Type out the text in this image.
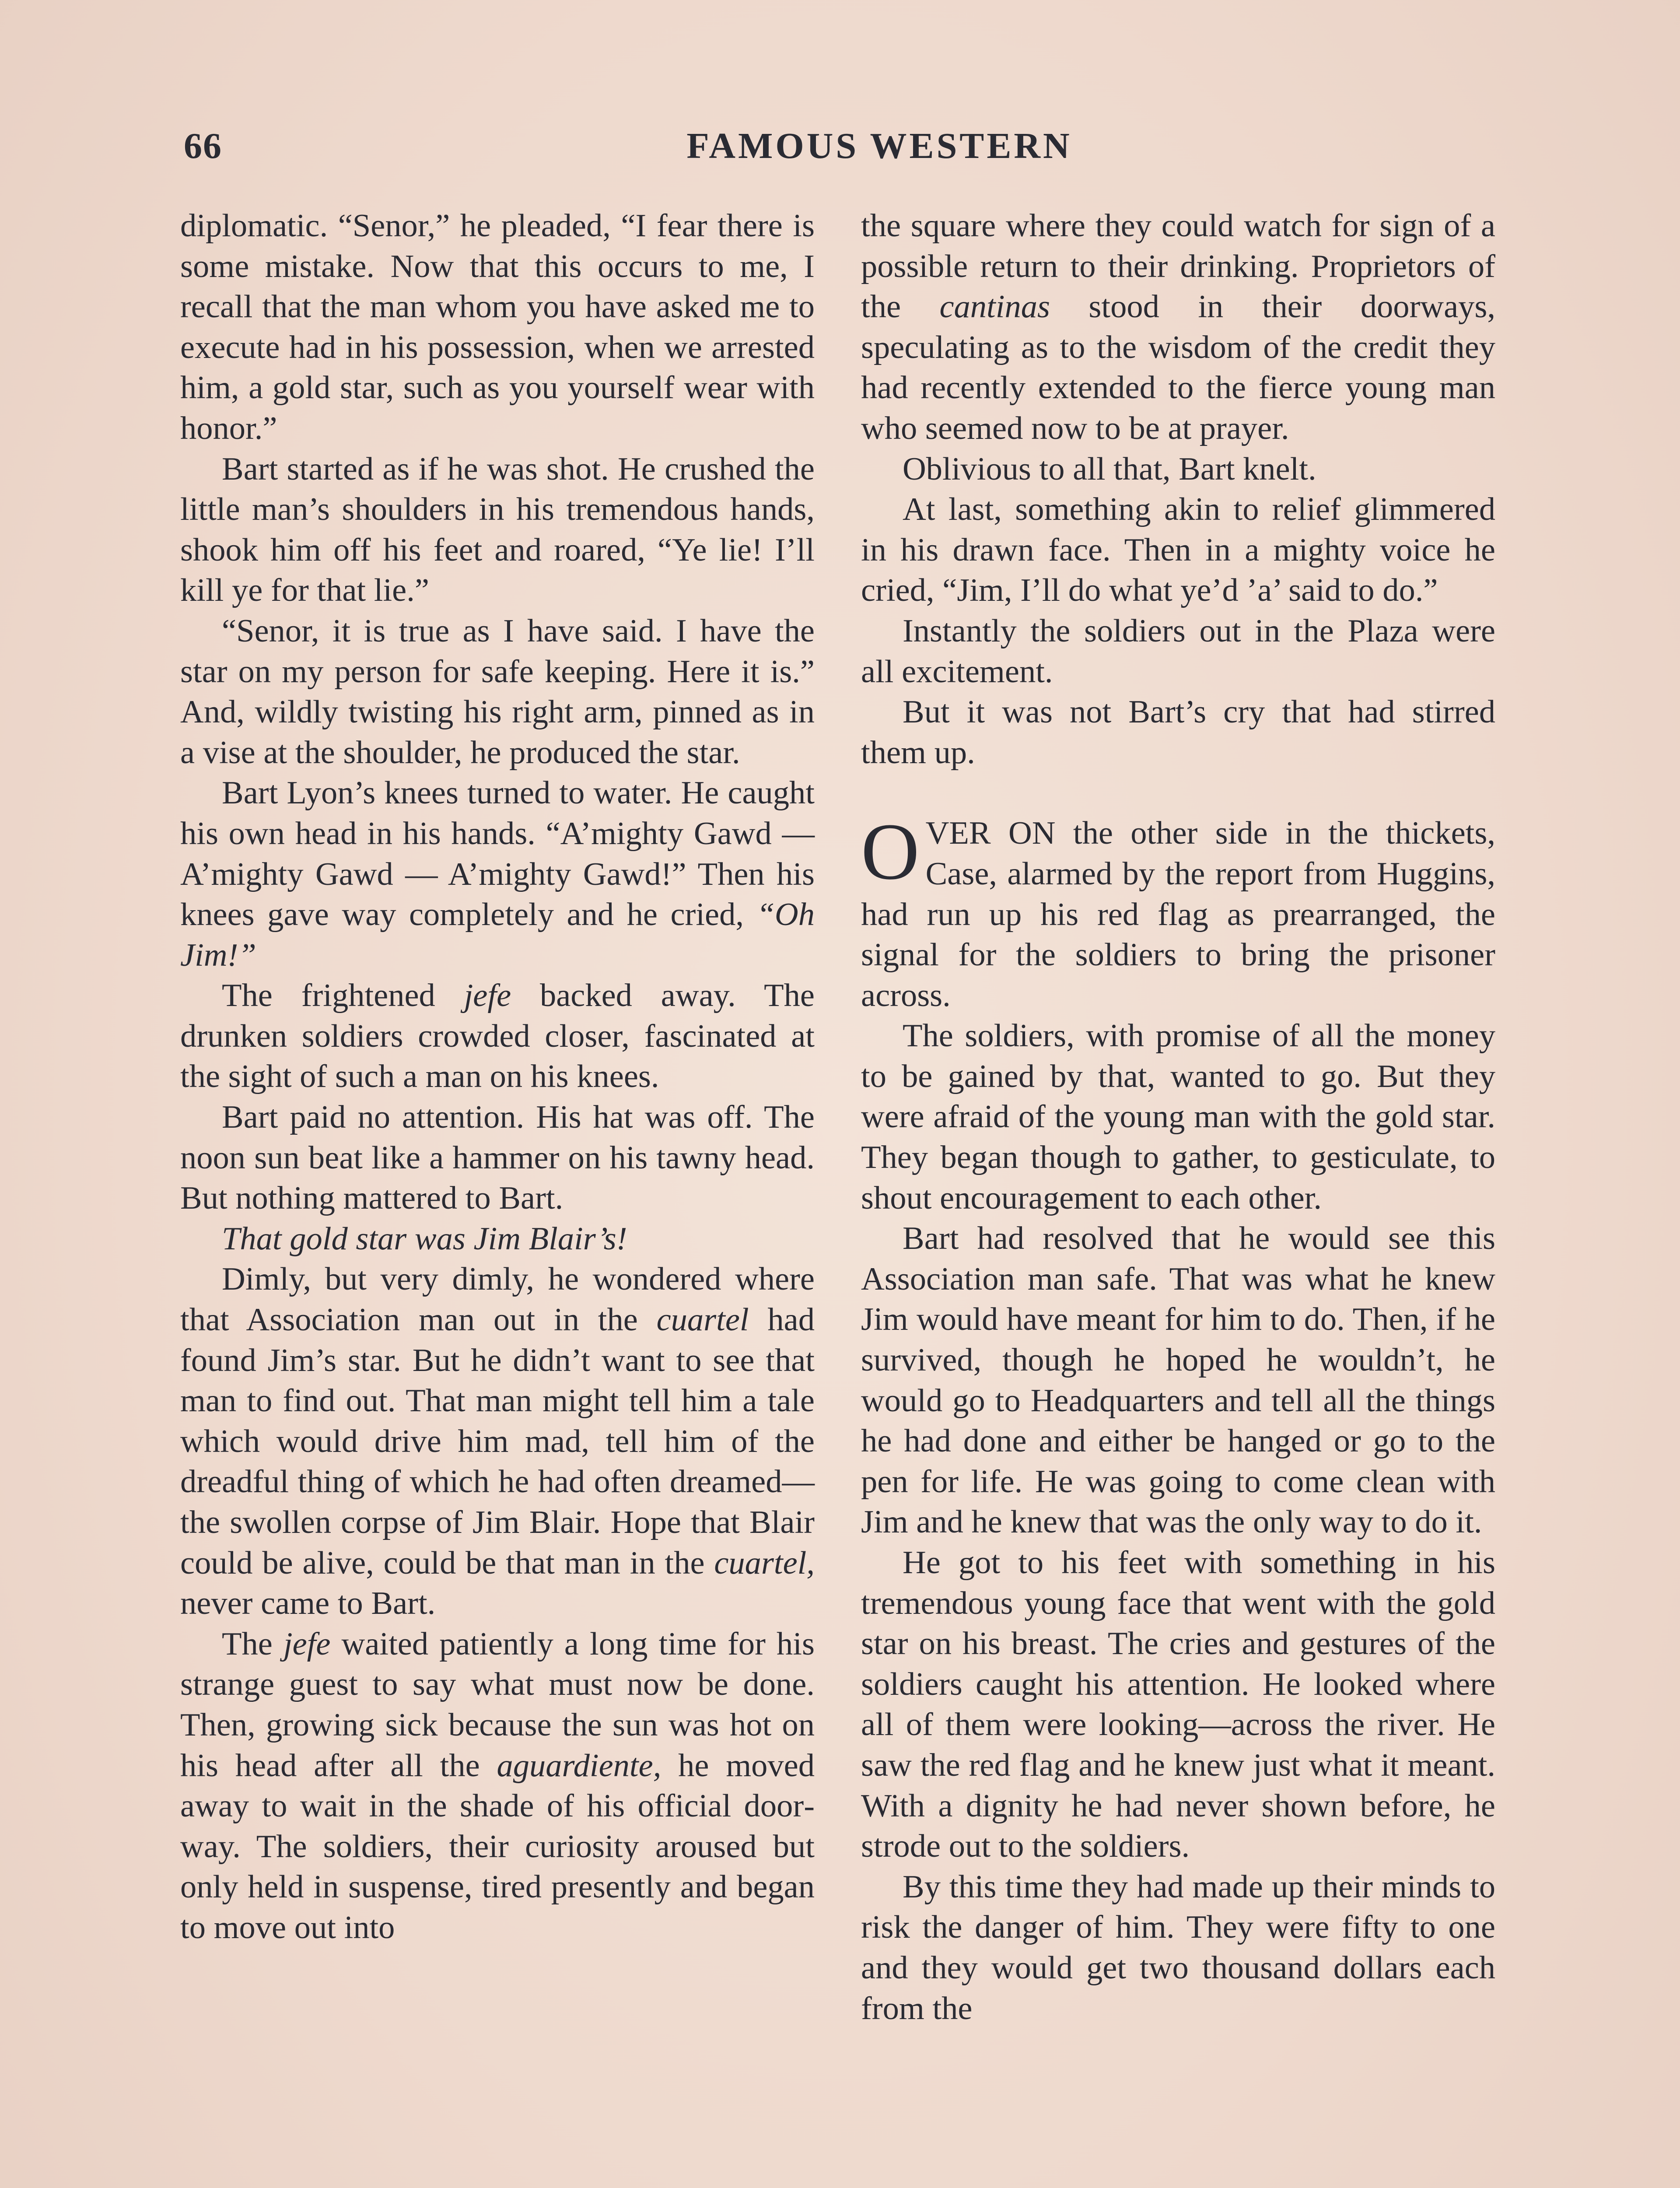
66	FAMOUS WESTERN

diplomatic. “Senor,” he pleaded, “I fear there is some mistake. Now that this occurs to me, I recall that the man whom you have asked me to execute had in his possession, when we arrested him, a gold star, such as you yourself wear with honor.”

Bart started as if he was shot. He crushed the little man’s shoulders in his tremendous hands, shook him off his feet and roared, “Ye lie! I’ll kill ye for that lie.”

“Senor, it is true as I have said. I have the star on my person for safe keeping. Here it is.” And, wildly twisting his right arm, pinned as in a vise at the shoulder, he produced the star.

Bart Lyon’s knees turned to water. He caught his own head in his hands. “A’mighty Gawd — A’mighty Gawd — A’mighty Gawd!” Then his knees gave way completely and he cried, “Oh Jim!”

The frightened jefe backed away. The drunken soldiers crowded closer, fascinated at the sight of such a man on his knees.

Bart paid no attention. His hat was off. The noon sun beat like a hammer on his tawny head. But nothing mattered to Bart.

That gold star was Jim Blair’s!

Dimly, but very dimly, he wondered where that Association man out in the cuartel had found Jim’s star. But he didn’t want to see that man to find out. That man might tell him a tale which would drive him mad, tell him of the dreadful thing of which he had often dreamed—the swollen corpse of Jim Blair. Hope that Blair could be alive, could be that man in the cuartel, never came to Bart.

The jefe waited patiently a long time for his strange guest to say what must now be done. Then, growing sick because the sun was hot on his head after all the aguardiente, he moved away to wait in the shade of his official doorway. The soldiers, their curiosity aroused but only held in suspense, tired presently and began to move out into

the square where they could watch for sign of a possible return to their drinking. Proprietors of the cantinas stood in their doorways, speculating as to the wisdom of the credit they had recently extended to the fierce young man who seemed now to be at prayer.

Oblivious to all that, Bart knelt.

At last, something akin to relief glimmered in his drawn face. Then in a mighty voice he cried, “Jim, I’ll do what ye’d ’a’ said to do.”

Instantly the soldiers out in the Plaza were all excitement.

But it was not Bart’s cry that had stirred them up.

OVER ON the other side in the thickets, Case, alarmed by the report from Huggins, had run up his red flag as prearranged, the signal for the soldiers to bring the prisoner across.

The soldiers, with promise of all the money to be gained by that, wanted to go. But they were afraid of the young man with the gold star. They began though to gather, to gesticulate, to shout encouragement to each other.

Bart had resolved that he would see this Association man safe. That was what he knew Jim would have meant for him to do. Then, if he survived, though he hoped he wouldn’t, he would go to Headquarters and tell all the things he had done and either be hanged or go to the pen for life. He was going to come clean with Jim and he knew that was the only way to do it.

He got to his feet with something in his tremendous young face that went with the gold star on his breast. The cries and gestures of the soldiers caught his attention. He looked where all of them were looking—across the river. He saw the red flag and he knew just what it meant. With a dignity he had never shown before, he strode out to the soldiers.

By this time they had made up their minds to risk the danger of him. They were fifty to one and they would get two thousand dollars each from the
